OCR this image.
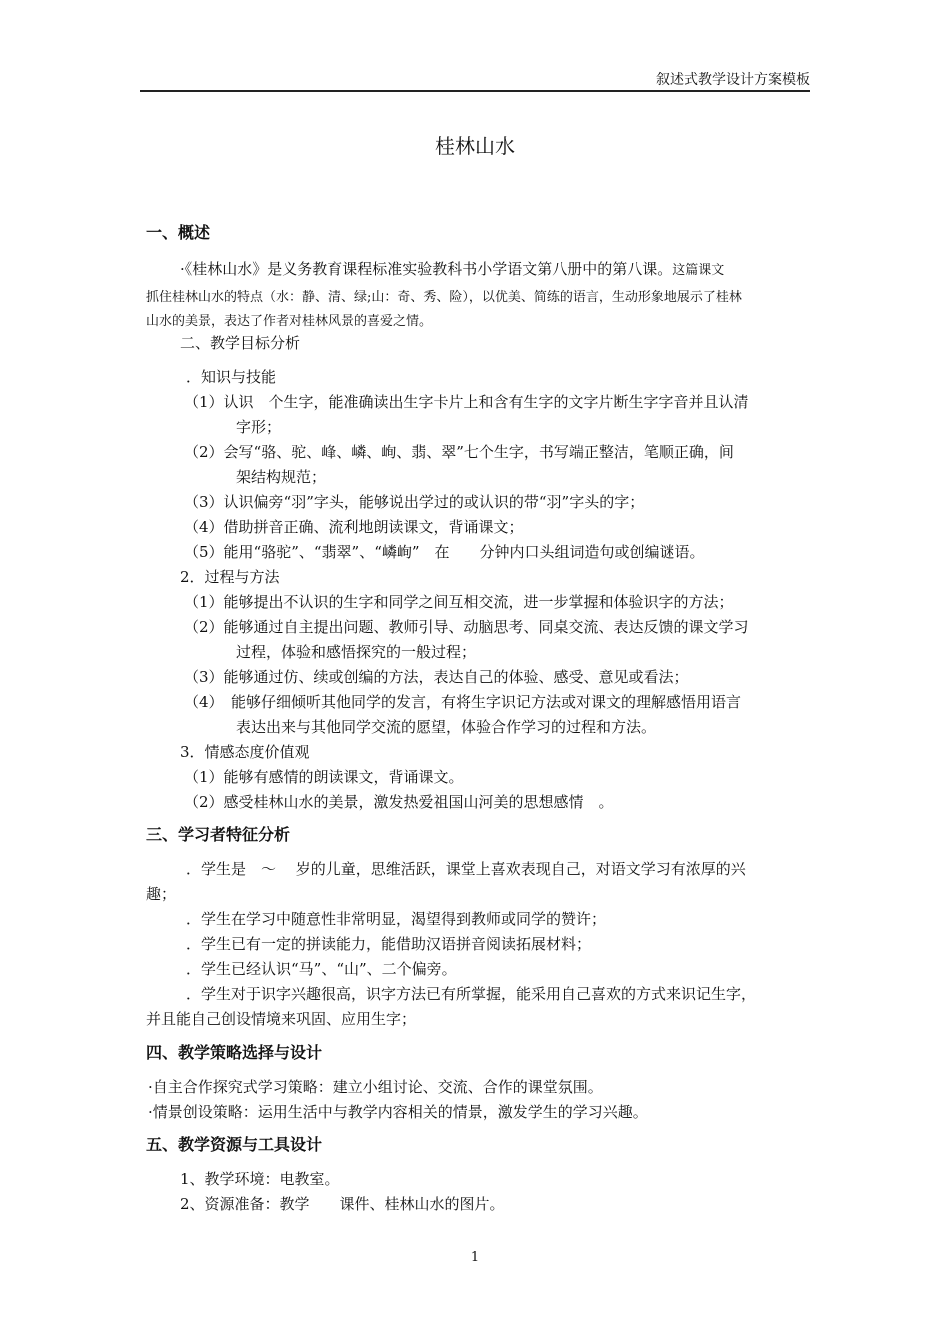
叙述式教学设计方案模板
桂林山水
一、概述
·《桂林山水》是义务教育课程标准实验教科书小学语文第八册中的第八课。这篇课文
抓住桂林山水的特点（水：静、清、绿;山：奇、秀、险），以优美、简练的语言，生动形象地展示了桂林
山水的美景，表达了作者对桂林风景的喜爱之情。
二、教学目标分析
．知识与技能
（1）认识　个生字，能准确读出生字卡片上和含有生字的文字片断生字字音并且认清
字形；
（2）会写“骆、驼、峰、嶙、峋、翡、翠”七个生字，书写端正整洁，笔顺正确，间
架结构规范；
（3）认识偏旁“羽”字头，能够说出学过的或认识的带“羽”字头的字；
（4）借助拼音正确、流利地朗读课文，背诵课文；
（5）能用“骆驼”、“翡翠”、“嶙峋”　在　　分钟内口头组词造句或创编谜语。
2．过程与方法
（1）能够提出不认识的生字和同学之间互相交流，进一步掌握和体验识字的方法；
（2）能够通过自主提出问题、教师引导、动脑思考、同桌交流、表达反馈的课文学习
过程，体验和感悟探究的一般过程；
（3）能够通过仿、续或创编的方法，表达自己的体验、感受、意见或看法；
（4）　能够仔细倾听其他同学的发言，有将生字识记方法或对课文的理解感悟用语言
表达出来与其他同学交流的愿望，体验合作学习的过程和方法。
3．情感态度价值观
（1）能够有感情的朗读课文，背诵课文。
（2）感受桂林山水的美景，激发热爱祖国山河美的思想感情　。
三、学习者特征分析
．学生是　～　 岁的儿童，思维活跃，课堂上喜欢表现自己，对语文学习有浓厚的兴
趣；
．学生在学习中随意性非常明显，渴望得到教师或同学的赞许；
．学生已有一定的拼读能力，能借助汉语拼音阅读拓展材料；
．学生已经认识“马”、“山”、二个偏旁。
．学生对于识字兴趣很高，识字方法已有所掌握，能采用自己喜欢的方式来识记生字，
并且能自己创设情境来巩固、应用生字；
四、教学策略选择与设计
·自主合作探究式学习策略：建立小组讨论、交流、合作的课堂氛围。
·情景创设策略：运用生活中与教学内容相关的情景，激发学生的学习兴趣。
五、教学资源与工具设计
1、教学环境：电教室。
2、资源准备：教学　　课件、桂林山水的图片。
1
